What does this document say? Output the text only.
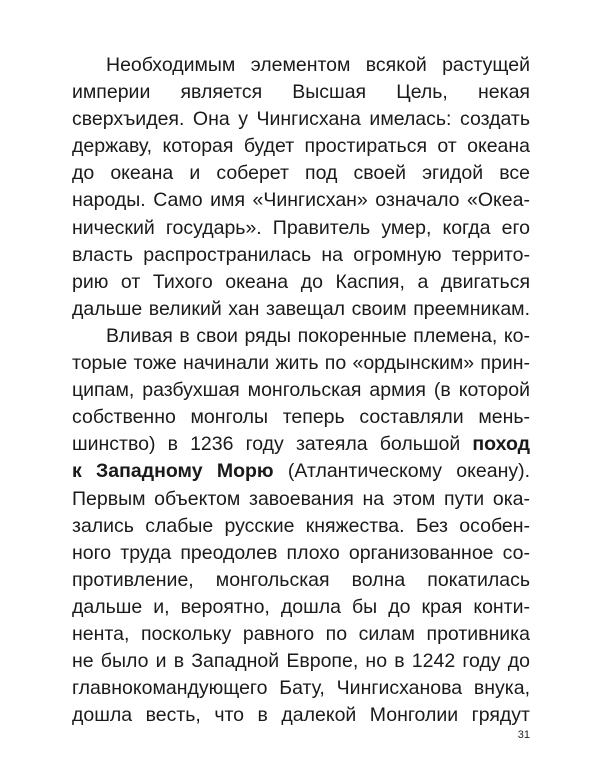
Необходимым элементом всякой растущей
империи является Высшая Цель, некая
сверхъидея. Она у Чингисхана имелась: создать
державу, которая будет простираться от океана
до океана и соберет под своей эгидой все
народы. Само имя «Чингисхан» означало «Океа-
нический государь». Правитель умер, когда его
власть распространилась на огромную террито-
рию от Тихого океана до Каспия, а двигаться
дальше великий хан завещал своим преемникам.
Вливая в свои ряды покоренные племена, ко-
торые тоже начинали жить по «ордынским» прин-
ципам, разбухшая монгольская армия (в которой
собственно монголы теперь составляли мень-
шинство) в 1236 году затеяла большой поход
к Западному Морю (Атлантическому океану).
Первым объектом завоевания на этом пути ока-
зались слабые русские княжества. Без особен-
ного труда преодолев плохо организованное со-
противление, монгольская волна покатилась
дальше и, вероятно, дошла бы до края конти-
нента, поскольку равного по силам противника
не было и в Западной Европе, но в 1242 году до
главнокомандующего Бату, Чингисханова внука,
дошла весть, что в далекой Монголии грядут
31
